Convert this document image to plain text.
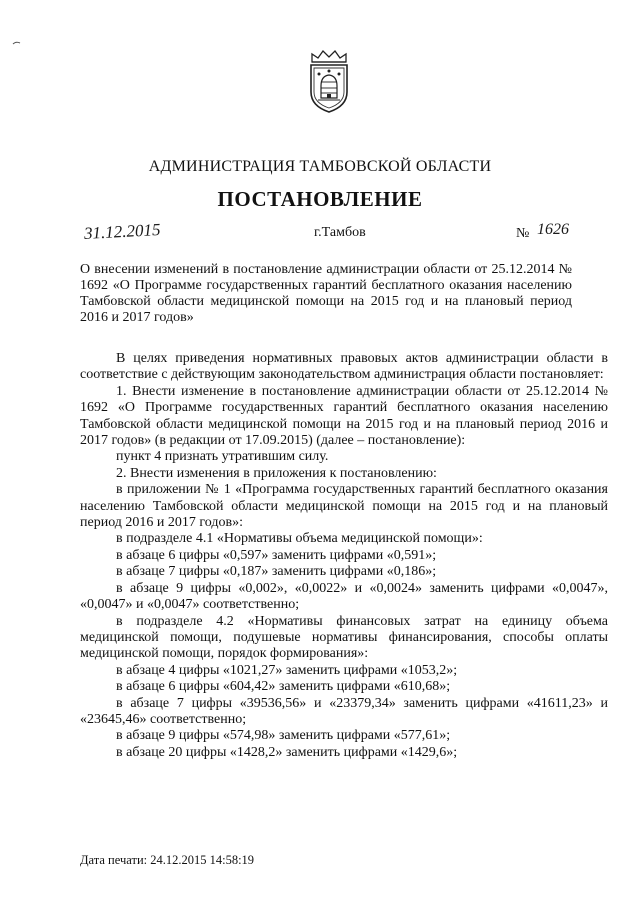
АДМИНИСТРАЦИЯ ТАМБОВСКОЙ ОБЛАСТИ
ПОСТАНОВЛЕНИЕ
31.12.2015	г.Тамбов	№ 1626
О внесении изменений в постановление администрации области от 25.12.2014 № 1692 «О Программе государственных гарантий бесплатного оказания населению Тамбовской области медицинской помощи на 2015 год и на плановый период 2016 и 2017 годов»

В целях приведения нормативных правовых актов администрации области в соответствие с действующим законодательством администрация области постановляет:

1. Внести изменение в постановление администрации области от 25.12.2014 № 1692 «О Программе государственных гарантий бесплатного оказания населению Тамбовской области медицинской помощи на 2015 год и на плановый период 2016 и 2017 годов» (в редакции от 17.09.2015) (далее – постановление):

пункт 4 признать утратившим силу.

2. Внести изменения в приложения к постановлению:

в приложении № 1 «Программа государственных гарантий бесплатного оказания населению Тамбовской области медицинской помощи на 2015 год и на плановый период 2016 и 2017 годов»:

в подразделе 4.1 «Нормативы объема медицинской помощи»:

в абзаце 6 цифры «0,597» заменить цифрами «0,591»;

в абзаце 7 цифры «0,187» заменить цифрами «0,186»;

в абзаце 9 цифры «0,002», «0,0022» и «0,0024» заменить цифрами «0,0047», «0,0047» и «0,0047» соответственно;

в подразделе 4.2 «Нормативы финансовых затрат на единицу объема медицинской помощи, подушевые нормативы финансирования, способы оплаты медицинской помощи, порядок формирования»:

в абзаце 4 цифры «1021,27» заменить цифрами «1053,2»;

в абзаце 6 цифры «604,42» заменить цифрами «610,68»;

в абзаце 7 цифры «39536,56» и «23379,34» заменить цифрами «41611,23» и «23645,46» соответственно;

в абзаце 9 цифры «574,98» заменить цифрами «577,61»;

в абзаце 20 цифры «1428,2» заменить цифрами «1429,6»;

Дата печати: 24.12.2015 14:58:19
